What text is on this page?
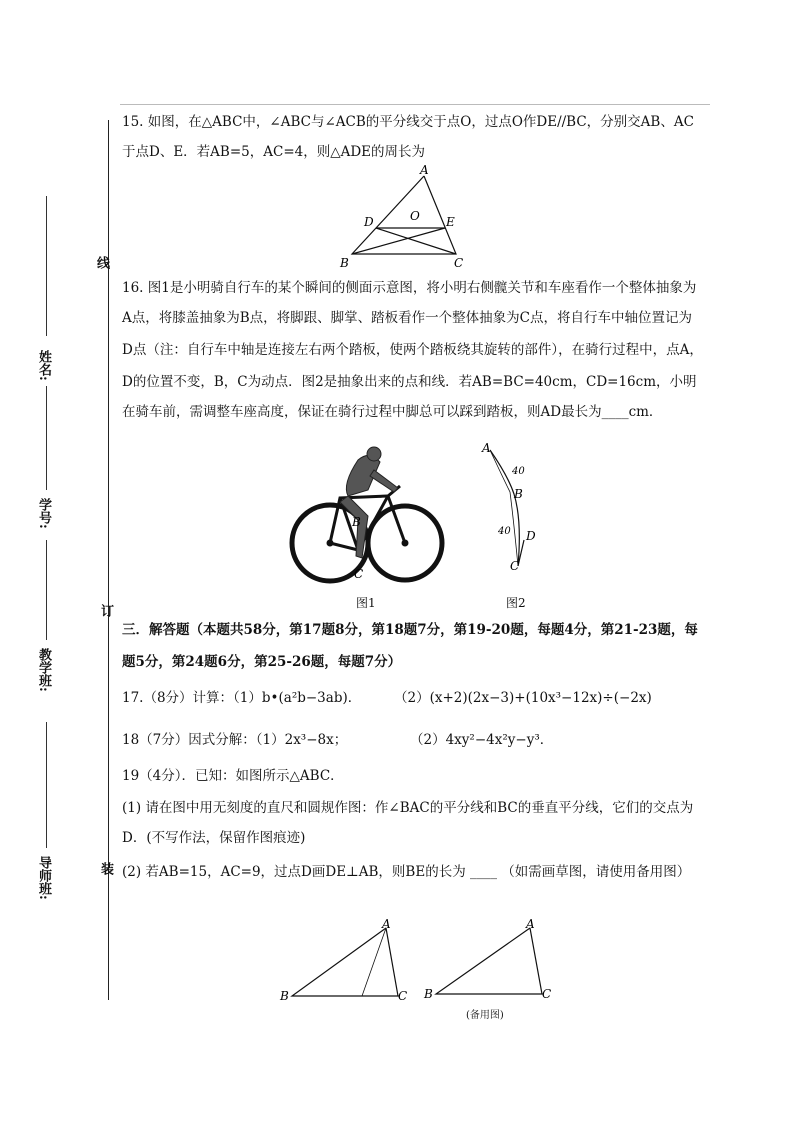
线
订
装
姓名:
学号:
教学班:
导师班:
15. 如图，在△ABC中，∠ABC与∠ACB的平分线交于点O，过点O作DE//BC，分别交AB、AC
于点D、E．若AB=5，AC=4，则△ADE的周长为
A
B	C
D	E
O
16. 图1是小明骑自行车的某个瞬间的侧面示意图，将小明右侧髋关节和车座看作一个整体抽象为
A点，将膝盖抽象为B点，将脚跟、脚掌、踏板看作一个整体抽象为C点，将自行车中轴位置记为
D点（注：自行车中轴是连接左右两个踏板，使两个踏板绕其旋转的部件），在骑行过程中，点A，
D的位置不变，B，C为动点．图2是抽象出来的点和线．若AB=BC=40cm，CD=16cm，小明
在骑车前，需调整车座高度，保证在骑行过程中脚总可以踩到踏板，则AD最长为____cm．
B
C
图1
A
40
B
40 D
C
图2
三．解答题（本题共58分，第17题8分，第18题7分，第19-20题，每题4分，第21-23题，每
题5分，第24题6分，第25-26题，每题7分）
17.（8分）计算：（1）b•(a²b−3ab)． （2）(x+2)(2x−3)+(10x³−12x)÷(−2x)
18（7分）因式分解：（1）2x³−8x；	（2）4xy²−4x²y−y³．
19（4分）．已知：如图所示△ABC．
(1) 请在图中用无刻度的直尺和圆规作图：作∠BAC的平分线和BC的垂直平分线，它们的交点为
D．(不写作法，保留作图痕迹)
(2) 若AB=15，AC=9，过点D画DE⊥AB，则BE的长为 ____ （如需画草图，请使用备用图）
A
B	C
A
B	C
(备用图)
